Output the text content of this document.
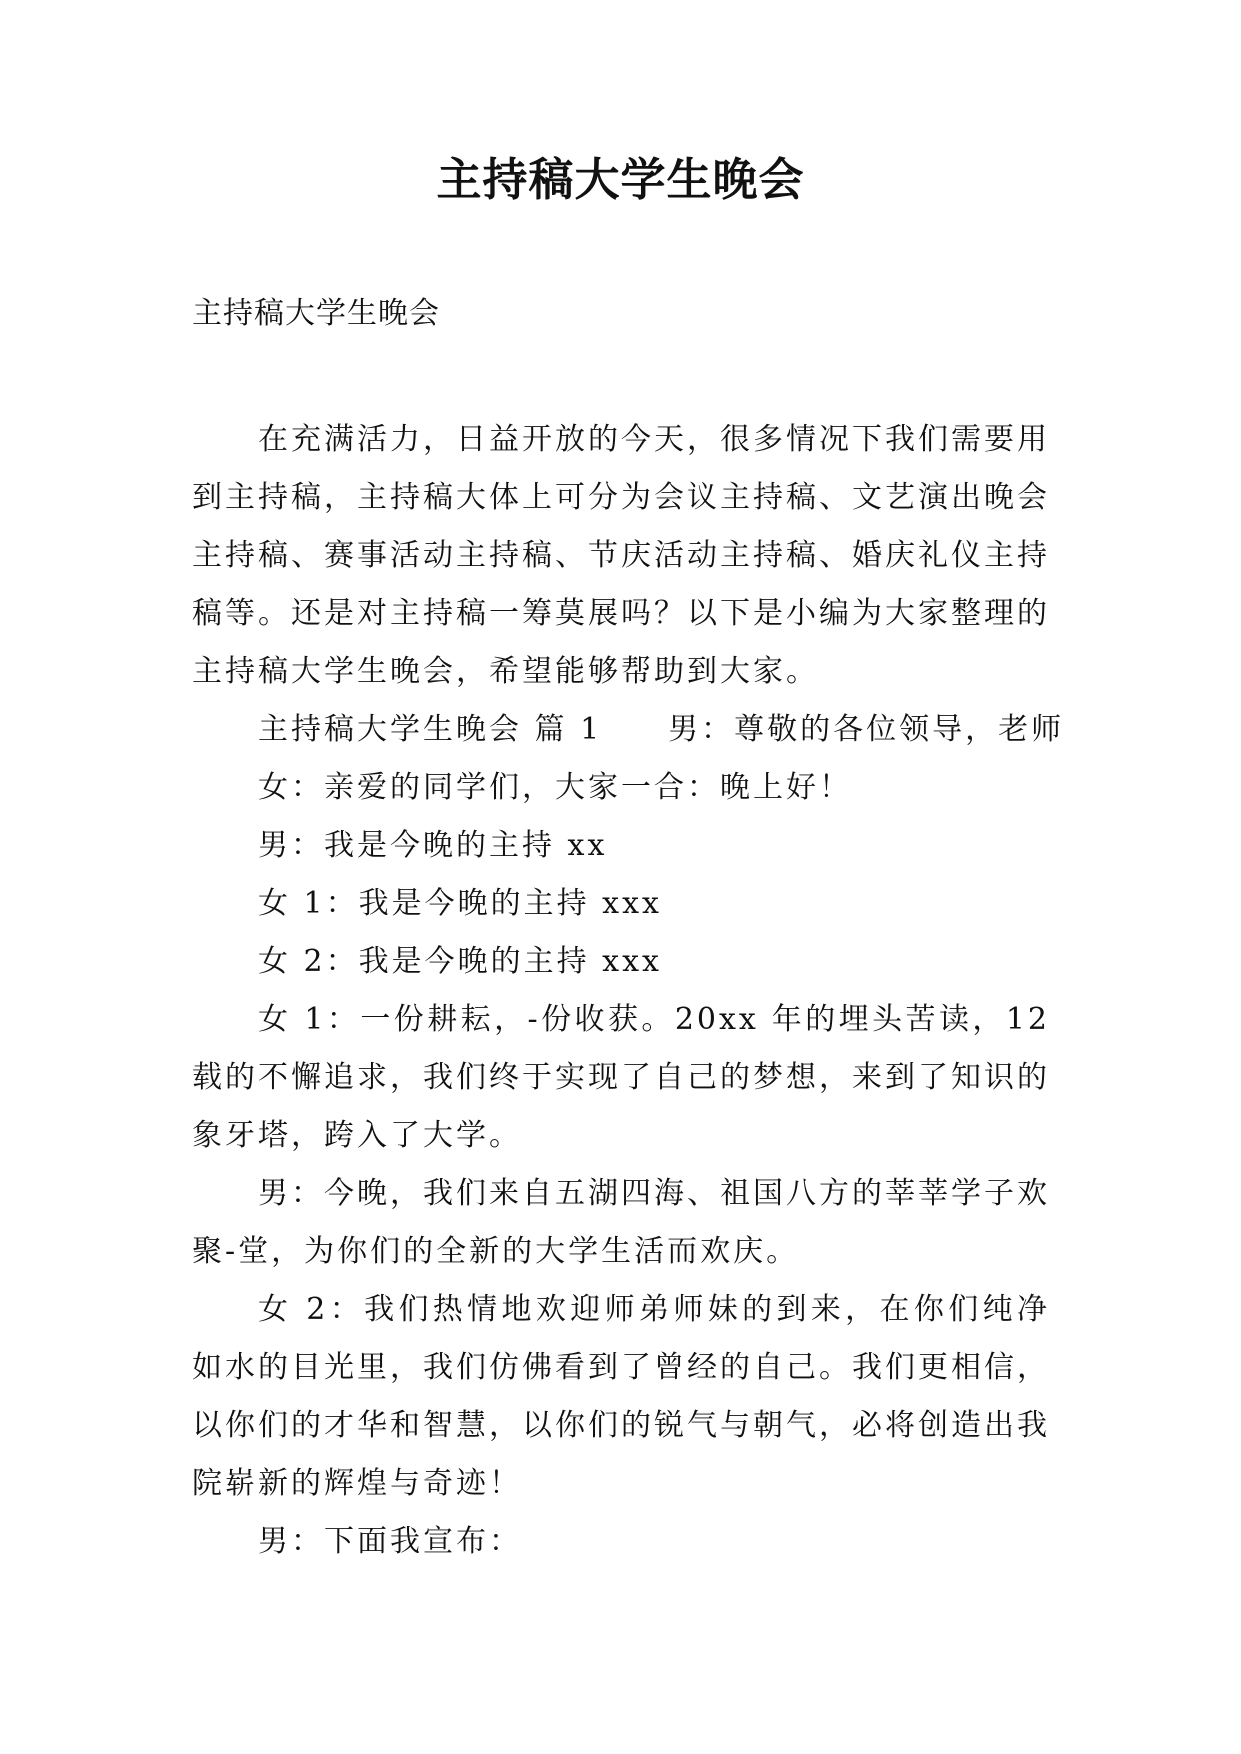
主持稿大学生晚会
主持稿大学生晚会

在充满活力，日益开放的今天，很多情况下我们需要用到主持稿，主持稿大体上可分为会议主持稿、文艺演出晚会主持稿、赛事活动主持稿、节庆活动主持稿、婚庆礼仪主持稿等。还是对主持稿一筹莫展吗？以下是小编为大家整理的主持稿大学生晚会，希望能够帮助到大家。

主持稿大学生晚会 篇 1 男：尊敬的各位领导，老师

女：亲爱的同学们，大家一合：晚上好！

男：我是今晚的主持 xx

女 1：我是今晚的主持 xxx

女 2：我是今晚的主持 xxx

女 1：一份耕耘，-份收获。20xx 年的埋头苦读，12 载的不懈追求，我们终于实现了自己的梦想，来到了知识的象牙塔，跨入了大学。

男：今晚，我们来自五湖四海、祖国八方的莘莘学子欢聚-堂，为你们的全新的大学生活而欢庆。

女 2：我们热情地欢迎师弟师妹的到来，在你们纯净如水的目光里，我们仿佛看到了曾经的自己。我们更相信，以你们的才华和智慧，以你们的锐气与朝气，必将创造出我院崭新的辉煌与奇迹！

男：下面我宣布：
